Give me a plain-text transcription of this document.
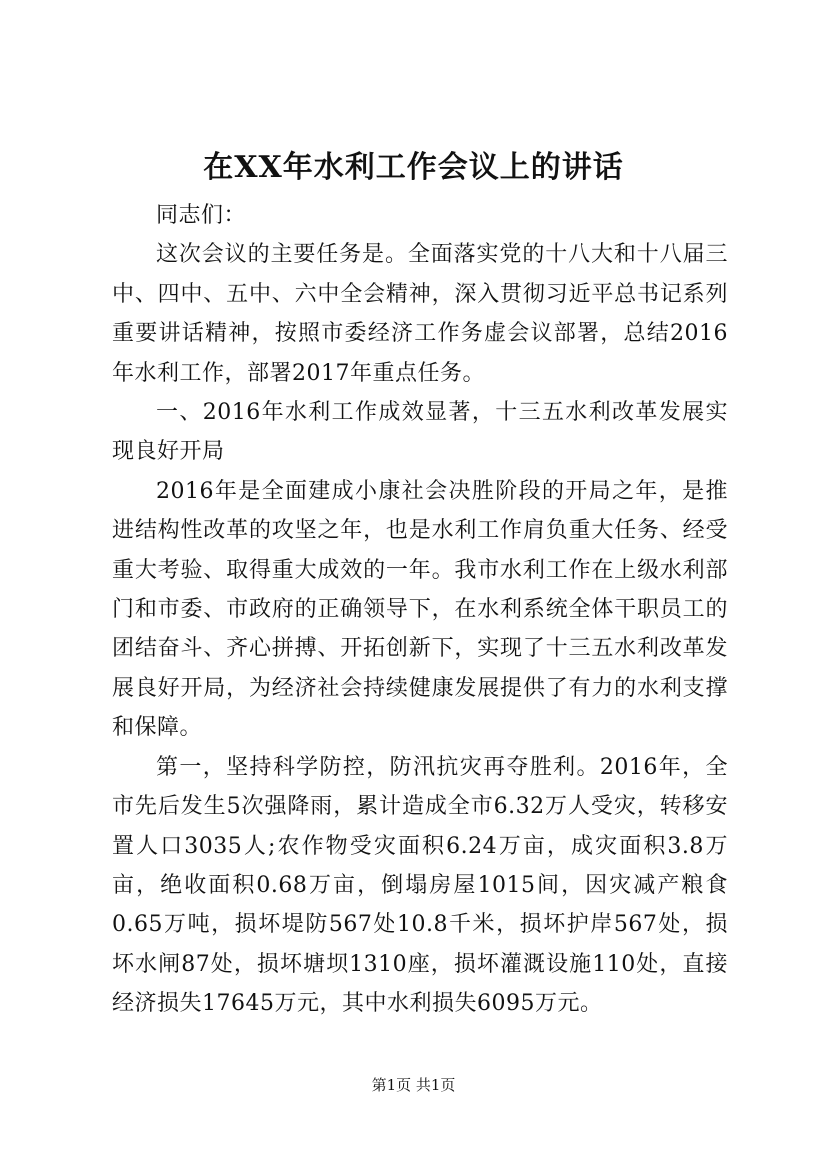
在XX年水利工作会议上的讲话

同志们：

这次会议的主要任务是。全面落实党的十八大和十八届三中、四中、五中、六中全会精神，深入贯彻习近平总书记系列重要讲话精神，按照市委经济工作务虚会议部署，总结2016年水利工作，部署2017年重点任务。

一、2016年水利工作成效显著，十三五水利改革发展实现良好开局

2016年是全面建成小康社会决胜阶段的开局之年，是推进结构性改革的攻坚之年，也是水利工作肩负重大任务、经受重大考验、取得重大成效的一年。我市水利工作在上级水利部门和市委、市政府的正确领导下，在水利系统全体干职员工的团结奋斗、齐心拼搏、开拓创新下，实现了十三五水利改革发展良好开局，为经济社会持续健康发展提供了有力的水利支撑和保障。

第一，坚持科学防控，防汛抗灾再夺胜利。2016年，全市先后发生5次强降雨，累计造成全市6.32万人受灾，转移安置人口3035人;农作物受灾面积6.24万亩，成灾面积3.8万亩，绝收面积0.68万亩，倒塌房屋1015间，因灾减产粮食0.65万吨，损坏堤防567处10.8千米，损坏护岸567处，损坏水闸87处，损坏塘坝1310座，损坏灌溉设施110处，直接经济损失17645万元，其中水利损失6095万元。

第1页 共1页
